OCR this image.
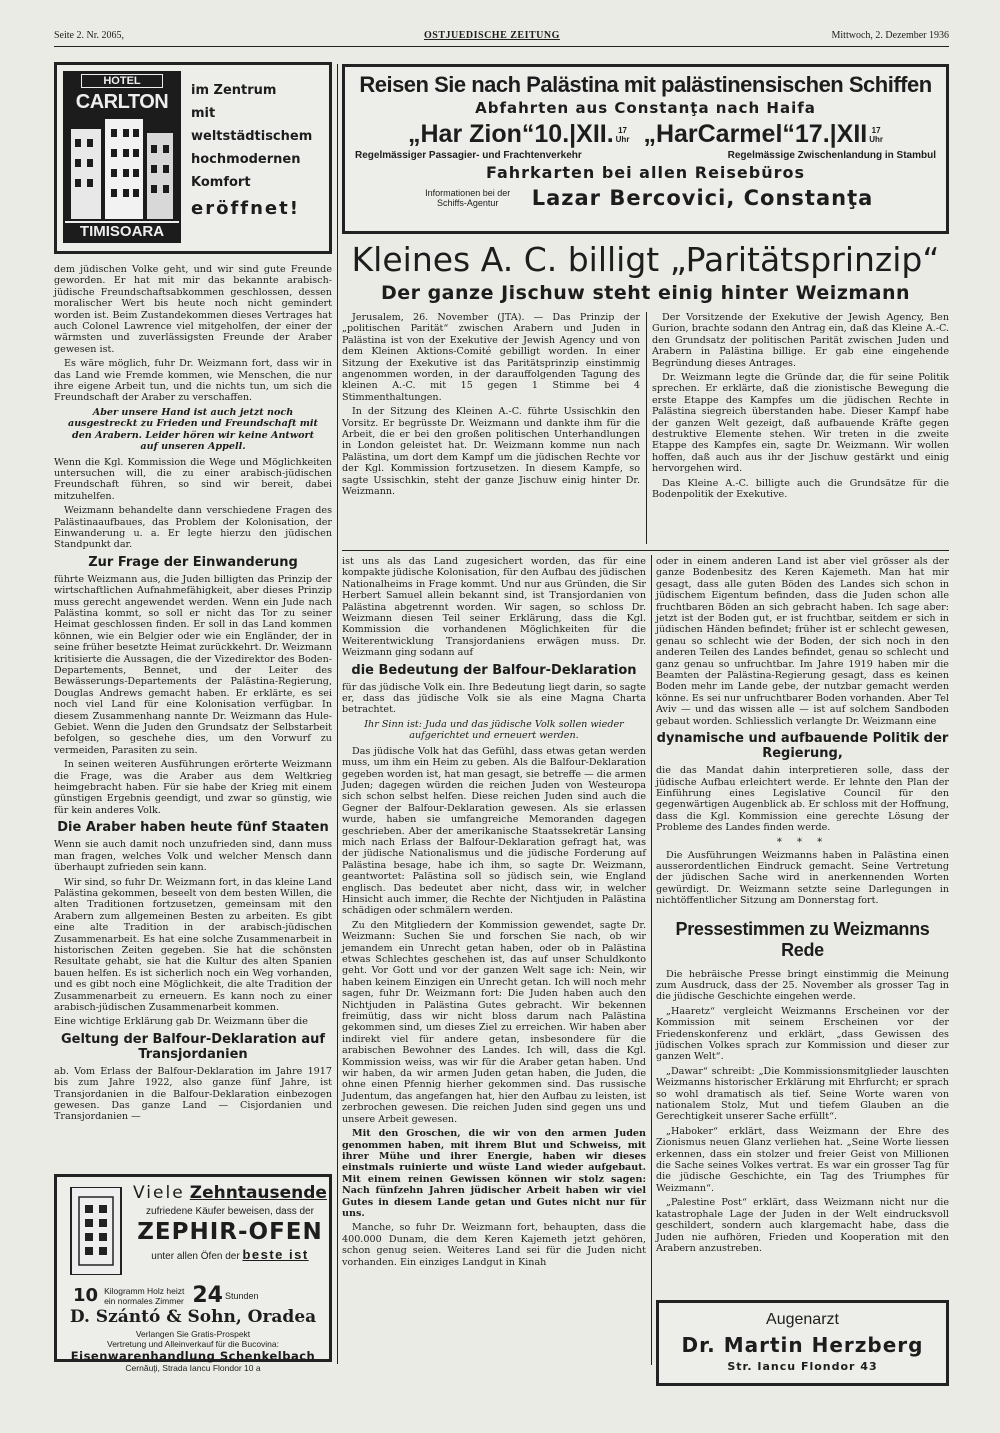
Seite 2. Nr. 2065,	OSTJUEDISCHE ZEITUNG	Mittwoch, 2. Dezember 1936
HOTEL
CARLTON
TIMISOARA
im Zentrum
mit
weltstädtischem
hochmodernen
Komfort
eröffnet!
Reisen Sie nach Palästina mit palästinensischen Schiffen
Abfahrten aus Constanţa nach Haifa
„Har Zion“10.|XII. 17
Uhr „HarCarmel“17.|XII 17
Uhr
Regelmässiger Passagier- und Frachtenverkehr	Regelmässige Zwischenlandung in Stambul
Fahrkarten bei allen Reisebüros
Informationen bei der Schiffs-Agentur	Lazar Bercovici, Constanţa
Kleines A. C. billigt „Paritätsprinzip“
Der ganze Jischuw steht einig hinter Weizmann

Jerusalem, 26. November (JTA). — Das Prinzip der „politischen Parität“ zwischen Arabern und Juden in Palästina ist von der Exekutive der Jewish Agency und von dem Kleinen Aktions-Comité gebilligt worden. In einer Sitzung der Exekutive ist das Paritätsprinzip einstimmig angenommen worden, in der darauffolgenden Tagung des kleinen A.-C. mit 15 gegen 1 Stimme bei 4 Stimmenthaltungen.

In der Sitzung des Kleinen A.-C. führte Ussischkin den Vorsitz. Er begrüsste Dr. Weizmann und dankte ihm für die Arbeit, die er bei den großen politischen Unterhandlungen in London geleistet hat. Dr. Weizmann komme nun nach Palästina, um dort dem Kampf um die jüdischen Rechte vor der Kgl. Kommission fortzusetzen. In diesem Kampfe, so sagte Ussischkin, steht der ganze Jischuw einig hinter Dr. Weizmann.

Der Vorsitzende der Exekutive der Jewish Agency, Ben Gurion, brachte sodann den Antrag ein, daß das Kleine A.-C. den Grundsatz der politischen Parität zwischen Juden und Arabern in Palästina billige. Er gab eine eingehende Begründung dieses Antrages.

Dr. Weizmann legte die Gründe dar, die für seine Politik sprechen. Er erklärte, daß die zionistische Bewegung die erste Etappe des Kampfes um die jüdischen Rechte in Palästina siegreich überstanden habe. Dieser Kampf habe der ganzen Welt gezeigt, daß aufbauende Kräfte gegen destruktive Elemente stehen. Wir treten in die zweite Etappe des Kampfes ein, sagte Dr. Weizmann. Wir wollen hoffen, daß auch aus ihr der Jischuw gestärkt und einig hervorgehen wird.

Das Kleine A.-C. billigte auch die Grundsätze für die Bodenpolitik der Exekutive.

dem jüdischen Volke geht, und wir sind gute Freunde geworden. Er hat mit mir das bekannte arabisch-jüdische Freundschaftsabkommen geschlossen, dessen moralischer Wert bis heute noch nicht gemindert worden ist. Beim Zustandekommen dieses Vertrages hat auch Colonel Lawrence viel mitgeholfen, der einer der wärmsten und zuverlässigsten Freunde der Araber gewesen ist.

Es wäre möglich, fuhr Dr. Weizmann fort, dass wir in das Land wie Fremde kommen, wie Menschen, die nur ihre eigene Arbeit tun, und die nichts tun, um sich die Freundschaft der Araber zu verschaffen.

Aber unsere Hand ist auch jetzt noch ausgestreckt zu Frieden und Freundschaft mit den Arabern. Leider hören wir keine Antwort auf unseren Appell.

Wenn die Kgl. Kommission die Wege und Möglichkeiten untersuchen will, die zu einer arabisch-jüdischen Freundschaft führen, so sind wir bereit, dabei mitzuhelfen.

Weizmann behandelte dann verschiedene Fragen des Palästinaaufbaues, das Problem der Kolonisation, der Einwanderung u. a. Er legte hierzu den jüdischen Standpunkt dar.

Zur Frage der Einwanderung

führte Weizmann aus, die Juden billigten das Prinzip der wirtschaftlichen Aufnahmefähigkeit, aber dieses Prinzip muss gerecht angewendet werden. Wenn ein Jude nach Palästina kommt, so soll er nicht das Tor zu seiner Heimat geschlossen finden. Er soll in das Land kommen können, wie ein Belgier oder wie ein Engländer, der in seine früher besetzte Heimat zurückkehrt. Dr. Weizmann kritisierte die Aussagen, die der Vizedirektor des Boden-Departements, Bennet, und der Leiter des Bewässerungs-Departements der Palästina-Regierung, Douglas Andrews gemacht haben. Er erklärte, es sei noch viel Land für eine Kolonisation verfügbar. In diesem Zusammenhang nannte Dr. Weizmann das Hule-Gebiet. Wenn die Juden den Grundsatz der Selbstarbeit befolgen, so geschehe dies, um den Vorwurf zu vermeiden, Parasiten zu sein.

In seinen weiteren Ausführungen erörterte Weizmann die Frage, was die Araber aus dem Weltkrieg heimgebracht haben. Für sie habe der Krieg mit einem günstigen Ergebnis geendigt, und zwar so günstig, wie für kein anderes Volk.

Die Araber haben heute fünf Staaten

Wenn sie auch damit noch unzufrieden sind, dann muss man fragen, welches Volk und welcher Mensch dann überhaupt zufrieden sein kann.

Wir sind, so fuhr Dr. Weizmann fort, in das kleine Land Palästina gekommen, beseelt von dem besten Willen, die alten Traditionen fortzusetzen, gemeinsam mit den Arabern zum allgemeinen Besten zu arbeiten. Es gibt eine alte Tradition in der arabisch-jüdischen Zusammenarbeit. Es hat eine solche Zusammenarbeit in historischen Zeiten gegeben. Sie hat die schönsten Resultate gehabt, sie hat die Kultur des alten Spanien bauen helfen. Es ist sicherlich noch ein Weg vorhanden, und es gibt noch eine Möglichkeit, die alte Tradition der Zusammenarbeit zu erneuern. Es kann noch zu einer arabisch-jüdischen Zusammenarbeit kommen.

Eine wichtige Erklärung gab Dr. Weizmann über die

Geltung der Balfour-Deklaration auf Transjordanien

ab. Vom Erlass der Balfour-Deklaration im Jahre 1917 bis zum Jahre 1922, also ganze fünf Jahre, ist Transjordanien in die Balfour-Deklaration einbezogen gewesen. Das ganze Land — Cisjordanien und Transjordanien —

Viele Zehntausende
zufriedene Käufer beweisen, dass der
ZEPHIR-OFEN
unter allen Öfen der beste ist
10 Kilogramm Holz heizt
ein normales Zimmer 24 Stunden
D. Szántó & Sohn, Oradea
Verlangen Sie Gratis-Prospekt
Vertretung und Alleinverkauf für die Bucovina:
Eisenwarenhandlung Schenkelbach
Cernăuţi, Strada Iancu Flondor 10 a

ist uns als das Land zugesichert worden, das für eine kompakte jüdische Kolonisation, für den Aufbau des jüdischen Nationalheims in Frage kommt. Und nur aus Gründen, die Sir Herbert Samuel allein bekannt sind, ist Transjordanien von Palästina abgetrennt worden. Wir sagen, so schloss Dr. Weizmann diesen Teil seiner Erklärung, dass die Kgl. Kommission die vorhandenen Möglichkeiten für die Weiterentwicklung Transjordaniens erwägen muss. Dr. Weizmann ging sodann auf

die Bedeutung der Balfour-Deklaration

für das jüdische Volk ein. Ihre Bedeutung liegt darin, so sagte er, dass das jüdische Volk sie als eine Magna Charta betrachtet.

Ihr Sinn ist: Juda und das jüdische Volk sollen wieder aufgerichtet und erneuert werden.

Das jüdische Volk hat das Gefühl, dass etwas getan werden muss, um ihm ein Heim zu geben. Als die Balfour-Deklaration gegeben worden ist, hat man gesagt, sie betreffe — die armen Juden; dagegen würden die reichen Juden von Westeuropa sich schon selbst helfen. Diese reichen Juden sind auch die Gegner der Balfour-Deklaration gewesen. Als sie erlassen wurde, haben sie umfangreiche Memoranden dagegen geschrieben. Aber der amerikanische Staatssekretär Lansing mich nach Erlass der Balfour-Deklaration gefragt hat, was der jüdische Nationalismus und die jüdische Forderung auf Palästina besage, habe ich ihm, so sagte Dr. Weizmann, geantwortet: Palästina soll so jüdisch sein, wie England englisch. Das bedeutet aber nicht, dass wir, in welcher Hinsicht auch immer, die Rechte der Nichtjuden in Palästina schädigen oder schmälern werden.

Zu den Mitgliedern der Kommission gewendet, sagte Dr. Weizmann: Suchen Sie und forschen Sie nach, ob wir jemandem ein Unrecht getan haben, oder ob in Palästina etwas Schlechtes geschehen ist, das auf unser Schuldkonto geht. Vor Gott und vor der ganzen Welt sage ich: Nein, wir haben keinem Einzigen ein Unrecht getan. Ich will noch mehr sagen, fuhr Dr. Weizmann fort: Die Juden haben auch den Nichtjuden in Palästina Gutes gebracht. Wir bekennen freimütig, dass wir nicht bloss darum nach Palästina gekommen sind, um dieses Ziel zu erreichen. Wir haben aber indirekt viel für andere getan, insbesondere für die arabischen Bewohner des Landes. Ich will, dass die Kgl. Kommission weiss, was wir für die Araber getan haben. Und wir haben, da wir armen Juden getan haben, die Juden, die ohne einen Pfennig hierher gekommen sind. Das russische Judentum, das angefangen hat, hier den Aufbau zu leisten, ist zerbrochen gewesen. Die reichen Juden sind gegen uns und unsere Arbeit gewesen.

Mit den Groschen, die wir von den armen Juden genommen haben, mit ihrem Blut und Schweiss, mit ihrer Mühe und ihrer Energie, haben wir dieses einstmals ruinierte und wüste Land wieder aufgebaut. Mit einem reinen Gewissen können wir stolz sagen: Nach fünfzehn Jahren jüdischer Arbeit haben wir viel Gutes in diesem Lande getan und Gutes nicht nur für uns.

Manche, so fuhr Dr. Weizmann fort, behaupten, dass die 400.000 Dunam, die dem Keren Kajemeth jetzt gehören, schon genug seien. Weiteres Land sei für die Juden nicht vorhanden. Ein einziges Landgut in Kinah

oder in einem anderen Land ist aber viel grösser als der ganze Bodenbesitz des Keren Kajemeth. Man hat mir gesagt, dass alle guten Böden des Landes sich schon in jüdischem Eigentum befinden, dass die Juden schon alle fruchtbaren Böden an sich gebracht haben. Ich sage aber: jetzt ist der Boden gut, er ist fruchtbar, seitdem er sich in jüdischen Händen befindet; früher ist er schlecht gewesen, genau so schlecht wie der Boden, der sich noch in den anderen Teilen des Landes befindet, genau so schlecht und ganz genau so unfruchtbar. Im Jahre 1919 haben mir die Beamten der Palästina-Regierung gesagt, dass es keinen Boden mehr im Lande gebe, der nutzbar gemacht werden könne. Es sei nur unfruchtbarer Boden vorhanden. Aber Tel Aviv — und das wissen alle — ist auf solchem Sandboden gebaut worden. Schliesslich verlangte Dr. Weizmann eine

dynamische und aufbauende Politik der Regierung,

die das Mandat dahin interpretieren solle, dass der jüdische Aufbau erleichtert werde. Er lehnte den Plan der Einführung eines Legislative Council für den gegenwärtigen Augenblick ab. Er schloss mit der Hoffnung, dass die Kgl. Kommission eine gerechte Lösung der Probleme des Landes finden werde.

* * *

Die Ausführungen Weizmanns haben in Palästina einen ausserordentlichen Eindruck gemacht. Seine Vertretung der jüdischen Sache wird in anerkennenden Worten gewürdigt. Dr. Weizmann setzte seine Darlegungen in nichtöffentlicher Sitzung am Donnerstag fort.

Pressestimmen zu Weizmanns Rede

Die hebräische Presse bringt einstimmig die Meinung zum Ausdruck, dass der 25. November als grosser Tag in die jüdische Geschichte eingehen werde.

„Haaretz“ vergleicht Weizmanns Erscheinen vor der Kommission mit seinem Erscheinen vor der Friedenskonferenz und erklärt, „dass Gewissen des jüdischen Volkes sprach zur Kommission und dieser zur ganzen Welt“.

„Dawar“ schreibt: „Die Kommissionsmitglieder lauschten Weizmanns historischer Erklärung mit Ehrfurcht; er sprach so wohl dramatisch als tief. Seine Worte waren von nationalem Stolz, Mut und tiefem Glauben an die Gerechtigkeit unserer Sache erfüllt“.

„Haboker“ erklärt, dass Weizmann der Ehre des Zionismus neuen Glanz verliehen hat. „Seine Worte liessen erkennen, dass ein stolzer und freier Geist von Millionen die Sache seines Volkes vertrat. Es war ein grosser Tag für die jüdische Geschichte, ein Tag des Triumphes für Weizmann“.

„Palestine Post“ erklärt, dass Weizmann nicht nur die katastrophale Lage der Juden in der Welt eindrucksvoll geschildert, sondern auch klargemacht habe, dass die Juden nie aufhören, Frieden und Kooperation mit den Arabern anzustreben.

Augenarzt
Dr. Martin Herzberg
Str. Iancu Flondor 43
